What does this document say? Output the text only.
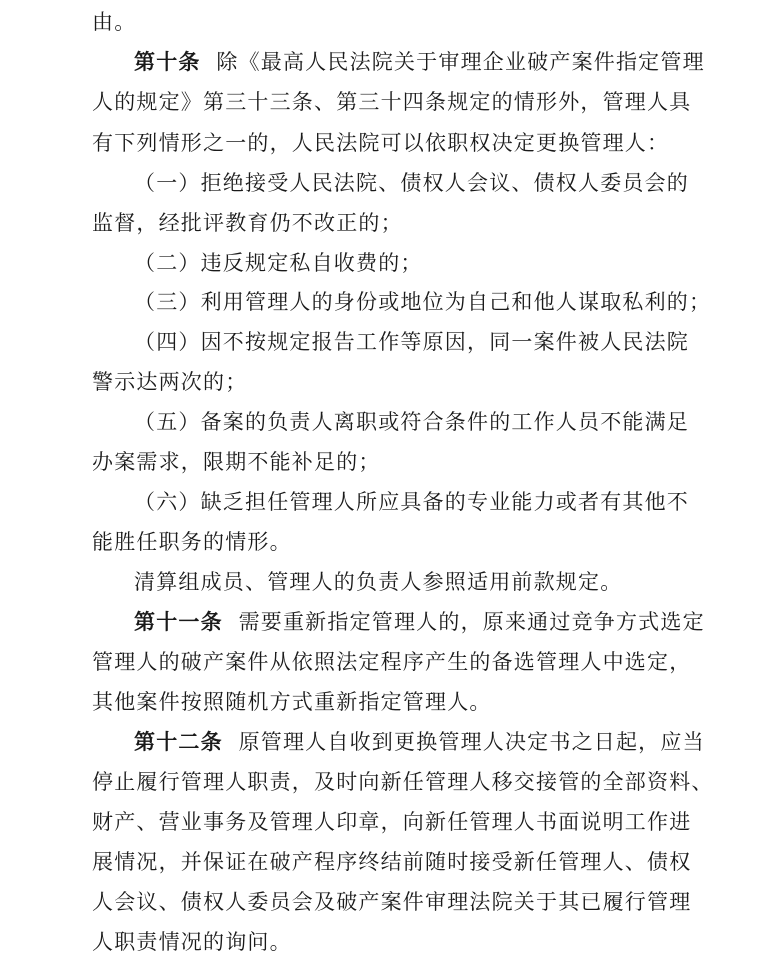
由。
第十条 除《最高人民法院关于审理企业破产案件指定管理
人的规定》第三十三条、第三十四条规定的情形外，管理人具
有下列情形之一的，人民法院可以依职权决定更换管理人：
（一）拒绝接受人民法院、债权人会议、债权人委员会的
监督，经批评教育仍不改正的；
（二）违反规定私自收费的；
（三）利用管理人的身份或地位为自己和他人谋取私利的；
（四）因不按规定报告工作等原因，同一案件被人民法院
警示达两次的；
（五）备案的负责人离职或符合条件的工作人员不能满足
办案需求，限期不能补足的；
（六）缺乏担任管理人所应具备的专业能力或者有其他不
能胜任职务的情形。
清算组成员、管理人的负责人参照适用前款规定。
第十一条 需要重新指定管理人的，原来通过竞争方式选定
管理人的破产案件从依照法定程序产生的备选管理人中选定，
其他案件按照随机方式重新指定管理人。
第十二条 原管理人自收到更换管理人决定书之日起，应当
停止履行管理人职责，及时向新任管理人移交接管的全部资料、
财产、营业事务及管理人印章，向新任管理人书面说明工作进
展情况，并保证在破产程序终结前随时接受新任管理人、债权
人会议、债权人委员会及破产案件审理法院关于其已履行管理
人职责情况的询问。
